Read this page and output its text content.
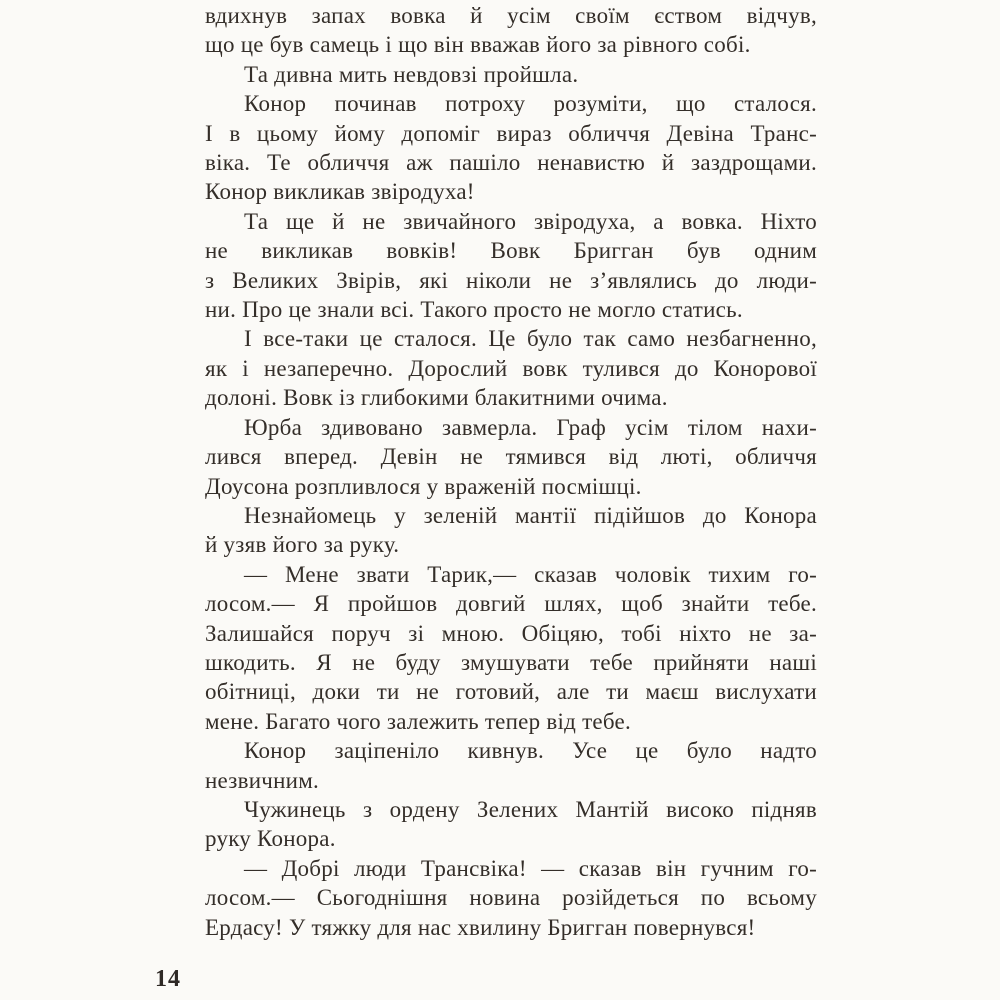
вдихнув запах вовка й усім своїм єством відчув,
що це був самець і що він вважав його за рівного собі.
Та дивна мить невдовзі пройшла.
Конор починав потроху розуміти, що сталося.
І в цьому йому допоміг вираз обличчя Девіна Транс-
віка. Те обличчя аж пашіло ненавистю й заздрощами.
Конор викликав звіродуха!
Та ще й не звичайного звіродуха, а вовка. Ніхто
не викликав вовків! Вовк Бригган був одним
з Великих Звірів, які ніколи не з’являлись до люди-
ни. Про це знали всі. Такого просто не могло статись.
І все-таки це сталося. Це було так само незбагненно,
як і незаперечно. Дорослий вовк тулився до Конорової
долоні. Вовк із глибокими блакитними очима.
Юрба здивовано завмерла. Граф усім тілом нахи-
лився вперед. Девін не тямився від люті, обличчя
Доусона розпливлося у враженій посмішці.
Незнайомець у зеленій мантії підійшов до Конора
й узяв його за руку.
— Мене звати Тарик,— сказав чоловік тихим го-
лосом.— Я пройшов довгий шлях, щоб знайти тебе.
Залишайся поруч зі мною. Обіцяю, тобі ніхто не за-
шкодить. Я не буду змушувати тебе прийняти наші
обітниці, доки ти не готовий, але ти маєш вислухати
мене. Багато чого залежить тепер від тебе.
Конор заціпеніло кивнув. Усе це було надто
незвичним.
Чужинець з ордену Зелених Мантій високо підняв
руку Конора.
— Добрі люди Трансвіка! — сказав він гучним го-
лосом.— Сьогоднішня новина розійдеться по всьому
Ердасу! У тяжку для нас хвилину Бригган повернувся!
14
